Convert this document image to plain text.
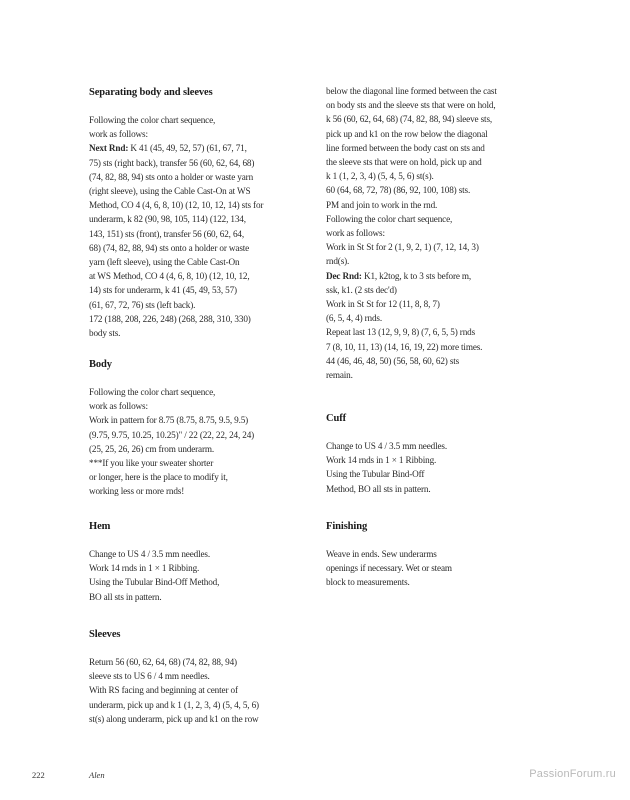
Separating body and sleeves
Following the color chart sequence,
work as follows:
Next Rnd: K 41 (45, 49, 52, 57) (61, 67, 71,
75) sts (right back), transfer 56 (60, 62, 64, 68)
(74, 82, 88, 94) sts onto a holder or waste yarn
(right sleeve), using the Cable Cast-On at WS
Method, CO 4 (4, 6, 8, 10) (12, 10, 12, 14) sts for
underarm, k 82 (90, 98, 105, 114) (122, 134,
143, 151) sts (front), transfer 56 (60, 62, 64,
68) (74, 82, 88, 94) sts onto a holder or waste
yarn (left sleeve), using the Cable Cast-On
at WS Method, CO 4 (4, 6, 8, 10) (12, 10, 12,
14) sts for underarm, k 41 (45, 49, 53, 57)
(61, 67, 72, 76) sts (left back).
172 (188, 208, 226, 248) (268, 288, 310, 330)
body sts.
Body
Following the color chart sequence,
work as follows:
Work in pattern for 8.75 (8.75, 8.75, 9.5, 9.5)
(9.75, 9.75, 10.25, 10.25)" / 22 (22, 22, 24, 24)
(25, 25, 26, 26) cm from underarm.
***If you like your sweater shorter
or longer, here is the place to modify it,
working less or more rnds!
Hem
Change to US 4 / 3.5 mm needles.
Work 14 rnds in 1 × 1 Ribbing.
Using the Tubular Bind-Off Method,
BO all sts in pattern.
Sleeves
Return 56 (60, 62, 64, 68) (74, 82, 88, 94)
sleeve sts to US 6 / 4 mm needles.
With RS facing and beginning at center of
underarm, pick up and k 1 (1, 2, 3, 4) (5, 4, 5, 6)
st(s) along underarm, pick up and k1 on the row
below the diagonal line formed between the cast
on body sts and the sleeve sts that were on hold,
k 56 (60, 62, 64, 68) (74, 82, 88, 94) sleeve sts,
pick up and k1 on the row below the diagonal
line formed between the body cast on sts and
the sleeve sts that were on hold, pick up and
k 1 (1, 2, 3, 4) (5, 4, 5, 6) st(s).
60 (64, 68, 72, 78) (86, 92, 100, 108) sts.
PM and join to work in the rnd.
Following the color chart sequence,
work as follows:
Work in St St for 2 (1, 9, 2, 1) (7, 12, 14, 3)
rnd(s).
Dec Rnd: K1, k2tog, k to 3 sts before m,
ssk, k1. (2 sts dec'd)
Work in St St for 12 (11, 8, 8, 7)
(6, 5, 4, 4) rnds.
Repeat last 13 (12, 9, 9, 8) (7, 6, 5, 5) rnds
7 (8, 10, 11, 13) (14, 16, 19, 22) more times.
44 (46, 46, 48, 50) (56, 58, 60, 62) sts
remain.
Cuff
Change to US 4 / 3.5 mm needles.
Work 14 rnds in 1 × 1 Ribbing.
Using the Tubular Bind-Off
Method, BO all sts in pattern.
Finishing
Weave in ends. Sew underarms
openings if necessary. Wet or steam
block to measurements.
222	Alen	PassionForum.ru
